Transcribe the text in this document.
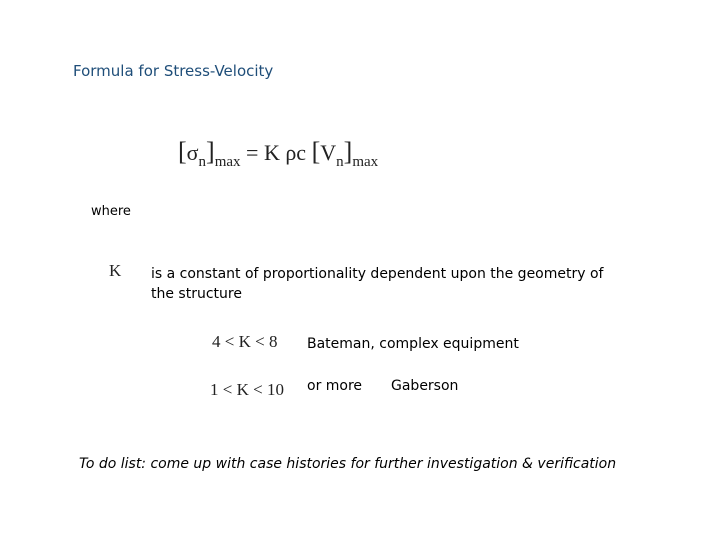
Formula for Stress-Velocity
$[\sigma_n]_{max} = K$ ρc $[V_n]_{max}$
where
K is a constant of proportionality dependent upon the geometry of the structure
4 < K < 8 Bateman, complex equipment
1 < K < 10 or more Gaberson
To do list: come up with case histories for further investigation & verification
